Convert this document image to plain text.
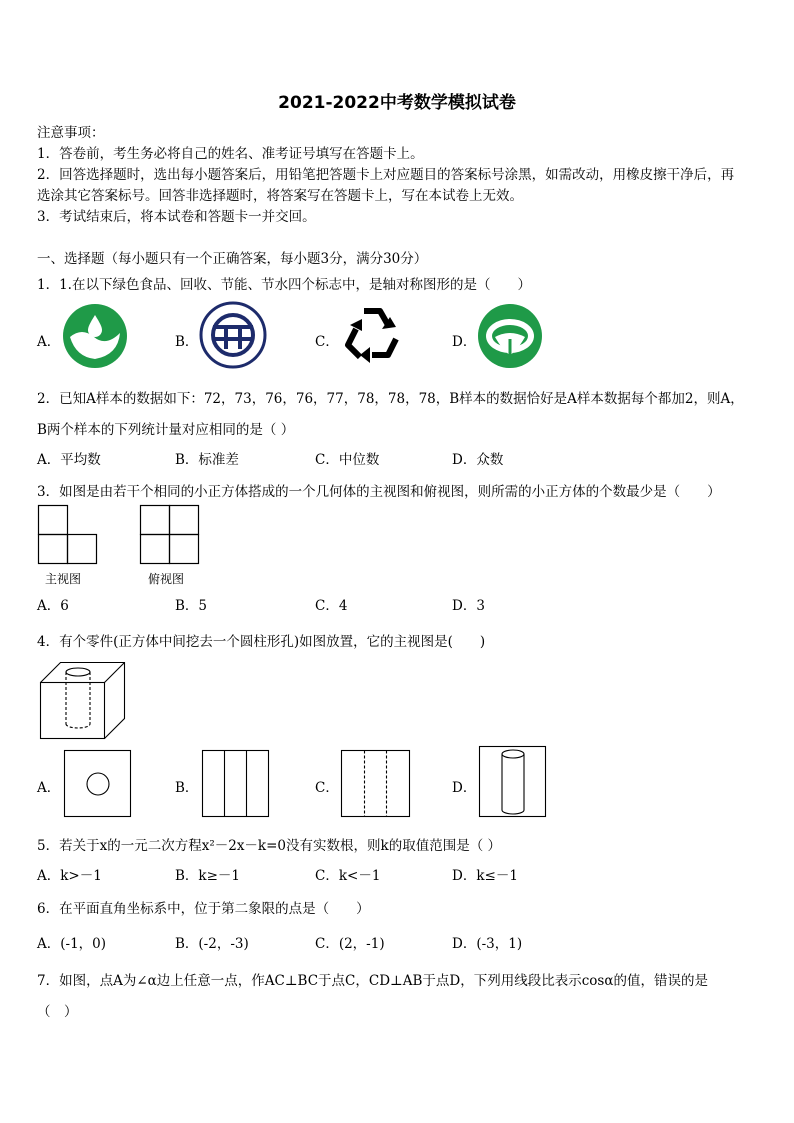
2021-2022中考数学模拟试卷
注意事项：
1．答卷前，考生务必将自己的姓名、准考证号填写在答题卡上。
2．回答选择题时，选出每小题答案后，用铅笔把答题卡上对应题目的答案标号涂黑，如需改动，用橡皮擦干净后，再
选涂其它答案标号。回答非选择题时，将答案写在答题卡上，写在本试卷上无效。
3．考试结束后，将本试卷和答题卡一并交回。
一、选择题（每小题只有一个正确答案，每小题3分，满分30分）
1．1.在以下绿色食品、回收、节能、节水四个标志中，是轴对称图形的是（　　）
A．	B．	C．	D．
2．已知A样本的数据如下：72，73，76，76，77，78，78，78，B样本的数据恰好是A样本数据每个都加2，则A，
B两个样本的下列统计量对应相同的是（ ）
A．平均数	B．标准差	C．中位数	D．众数
3．如图是由若干个相同的小正方体搭成的一个几何体的主视图和俯视图，则所需的小正方体的个数最少是（　　）
主视图	俯视图
A．6	B．5	C．4	D．3
4．有个零件(正方体中间挖去一个圆柱形孔)如图放置，它的主视图是(　　)
A．	B．	C．	D．
5．若关于x的一元二次方程x²－2x－k=0没有实数根，则k的取值范围是（ ）
A．k>－1	B．k≥－1	C．k<－1	D．k≤－1
6．在平面直角坐标系中，位于第二象限的点是（　　）
A．(-1，0)	B．(-2，-3)	C．(2，-1)	D．(-3，1)
7．如图，点A为∠α边上任意一点，作AC⊥BC于点C，CD⊥AB于点D，下列用线段比表示cosα的值，错误的是
（　）
